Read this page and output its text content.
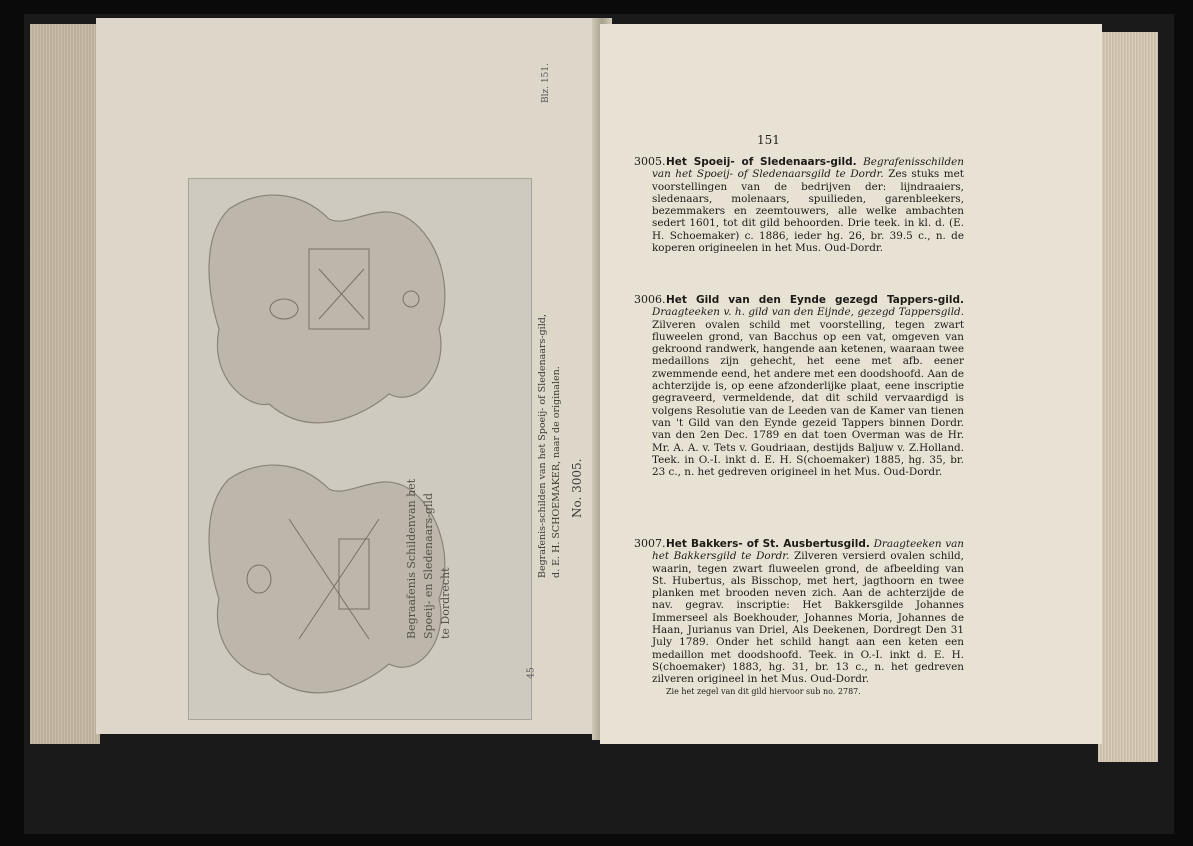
Begraafenis Schildenvan het Spoeij- en Sledenaars-gild te Dordrecht
Begrafenis-schilden van het Spoeij- of Sledenaars-gild, d. E. H. SCHOEMAKER, naar de originalen. No. 3005.
45
Blz. 151.
151
3005. Het Spoeij- of Sledenaars-gild. Begrafenisschilden van het Spoeij- of Sledenaarsgild te Dordr. Zes stuks met voorstellingen van de bedrijven der: lijndraaiers, sledenaars, molenaars, spuilieden, garenbleekers, bezemmakers en zeemtouwers, alle welke ambachten sedert 1601, tot dit gild behoorden. Drie teek. in kl. d. (E. H. Schoemaker) c. 1886, ieder hg. 26, br. 39.5 c., n. de koperen origineelen in het Mus. Oud-Dordr.

3006. Het Gild van den Eynde gezegd Tappers-gild. Draagteeken v. h. gild van den Eijnde, gezegd Tappersgild. Zilveren ovalen schild met voorstelling, tegen zwart fluweelen grond, van Bacchus op een vat, omgeven van gekroond randwerk, hangende aan ketenen, waaraan twee medaillons zijn gehecht, het eene met afb. eener zwemmende eend, het andere met een doodshoofd. Aan de achterzijde is, op eene afzonderlijke plaat, eene inscriptie gegraveerd, vermeldende, dat dit schild vervaardigd is volgens Resolutie van de Leeden van de Kamer van tienen van 't Gild van den Eynde gezeid Tappers binnen Dordr. van den 2en Dec. 1789 en dat toen Overman was de Hr. Mr. A. A. v. Tets v. Goudriaan, destijds Baljuw v. Z.Holland. Teek. in O.-I. inkt d. E. H. S(choemaker) 1885, hg. 35, br. 23 c., n. het gedreven origineel in het Mus. Oud-Dordr.

3007. Het Bakkers- of St. Ausbertusgild. Draagteeken van het Bakkersgild te Dordr. Zilveren versierd ovalen schild, waarin, tegen zwart fluweelen grond, de afbeelding van St. Hubertus, als Bisschop, met hert, jagthoorn en twee planken met brooden neven zich. Aan de achterzijde de nav. gegrav. inscriptie: Het Bakkersgilde Johannes Immerseel als Boekhouder, Johannes Moria, Johannes de Haan, Jurianus van Driel, Als Deekenen, Dordregt Den 31 July 1789. Onder het schild hangt aan een keten een medaillon met doodshoofd. Teek. in O.-I. inkt d. E. H. S(choemaker) 1883, hg. 31, br. 13 c., n. het gedreven zilveren origineel in het Mus. Oud-Dordr.

Zie het zegel van dit gild hiervoor sub no. 2787.
